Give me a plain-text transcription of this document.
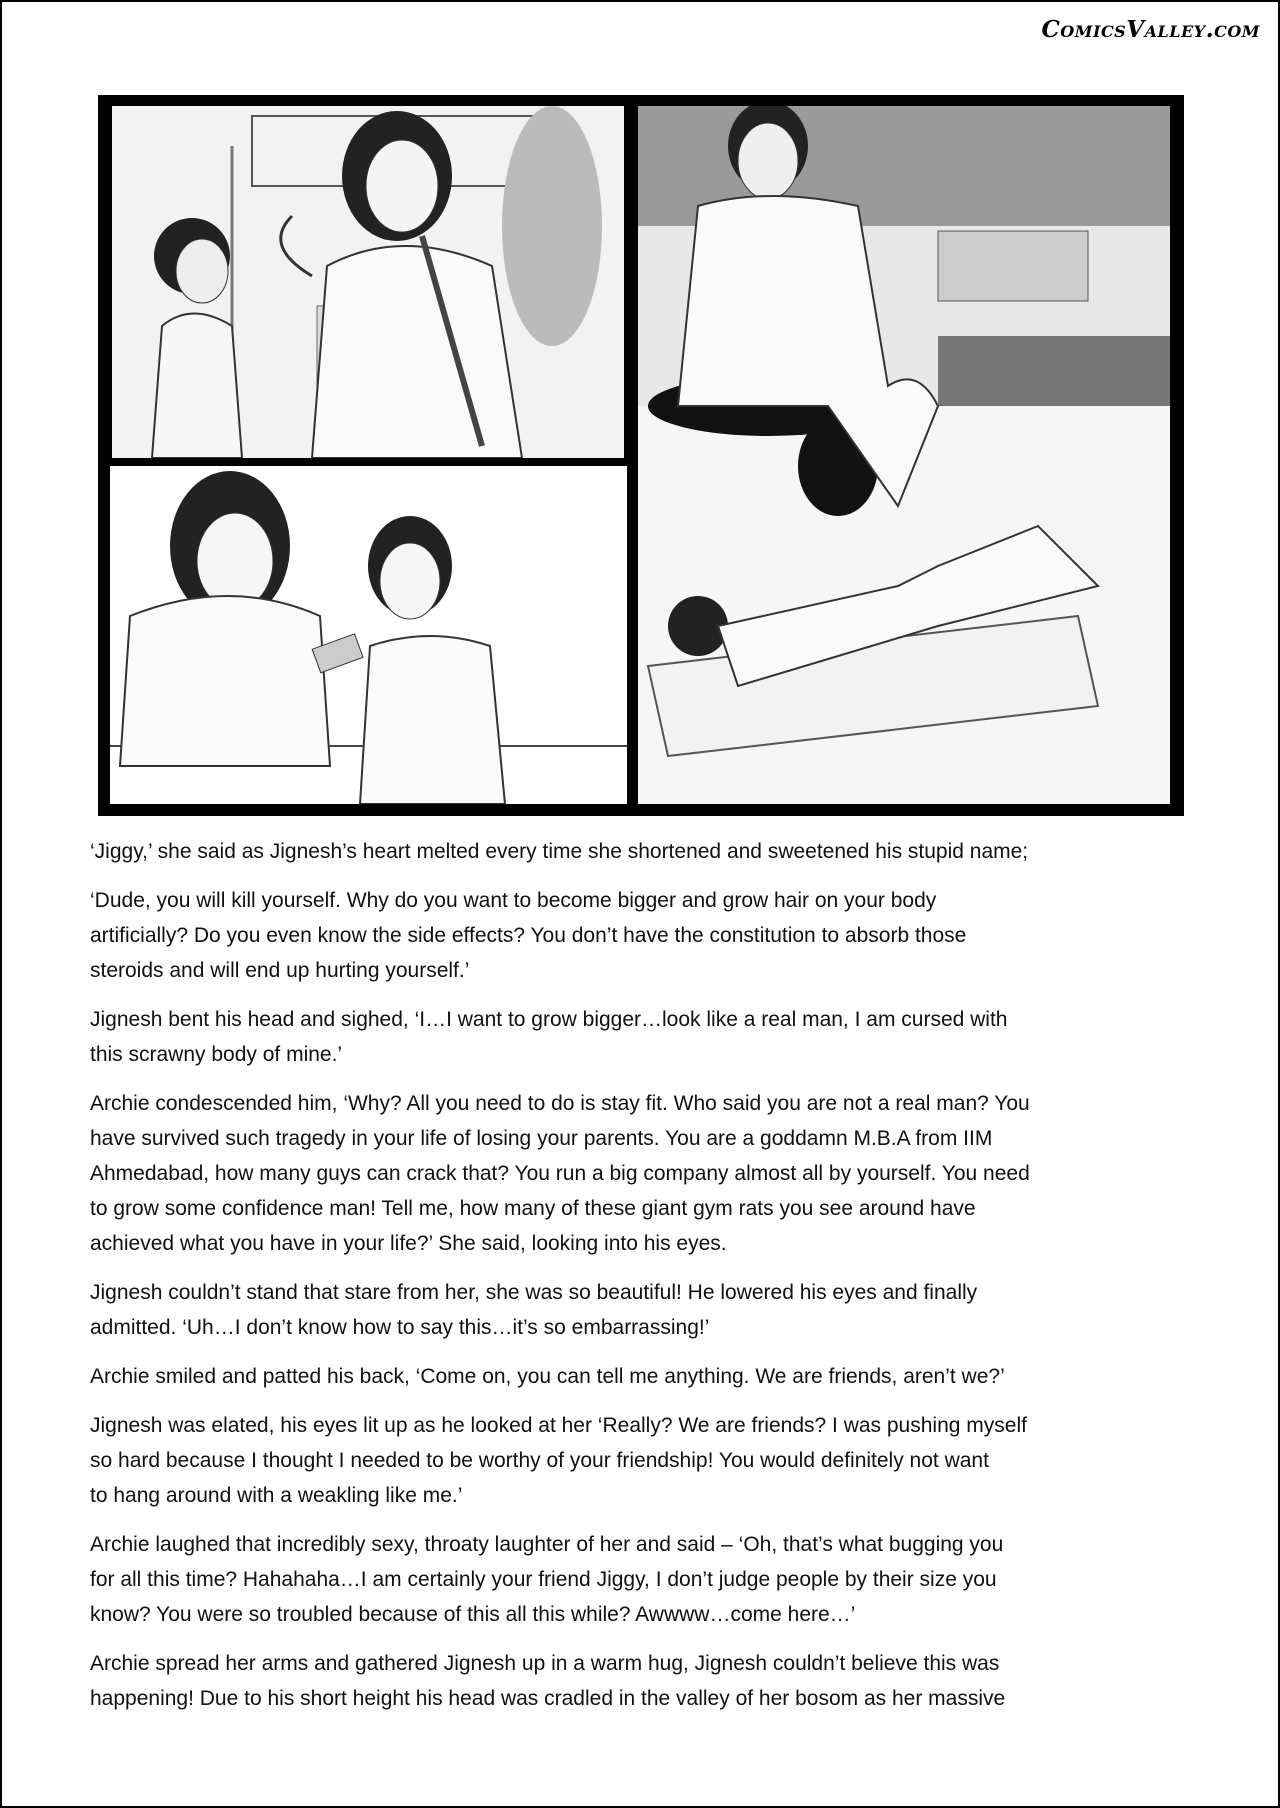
ComicsValley.com

‘Jiggy,’ she said as Jignesh’s heart melted every time she shortened and sweetened his stupid name;

‘Dude, you will kill yourself. Why do you want to become bigger and grow hair on your body
artificially? Do you even know the side effects? You don’t have the constitution to absorb those
steroids and will end up hurting yourself.’

Jignesh bent his head and sighed, ‘I…I want to grow bigger…look like a real man, I am cursed with
this scrawny body of mine.’

Archie condescended him, ‘Why? All you need to do is stay fit. Who said you are not a real man? You
have survived such tragedy in your life of losing your parents. You are a goddamn M.B.A from IIM
Ahmedabad, how many guys can crack that? You run a big company almost all by yourself. You need
to grow some confidence man! Tell me, how many of these giant gym rats you see around have
achieved what you have in your life?’ She said, looking into his eyes.

Jignesh couldn’t stand that stare from her, she was so beautiful! He lowered his eyes and finally
admitted. ‘Uh…I don’t know how to say this…it’s so embarrassing!’

Archie smiled and patted his back, ‘Come on, you can tell me anything. We are friends, aren’t we?’

Jignesh was elated, his eyes lit up as he looked at her ‘Really? We are friends? I was pushing myself
so hard because I thought I needed to be worthy of your friendship! You would definitely not want
to hang around with a weakling like me.’

Archie laughed that incredibly sexy, throaty laughter of her and said – ‘Oh, that’s what bugging you
for all this time? Hahahaha…I am certainly your friend Jiggy, I don’t judge people by their size you
know? You were so troubled because of this all this while? Awwww…come here…’

Archie spread her arms and gathered Jignesh up in a warm hug, Jignesh couldn’t believe this was
happening! Due to his short height his head was cradled in the valley of her bosom as her massive
